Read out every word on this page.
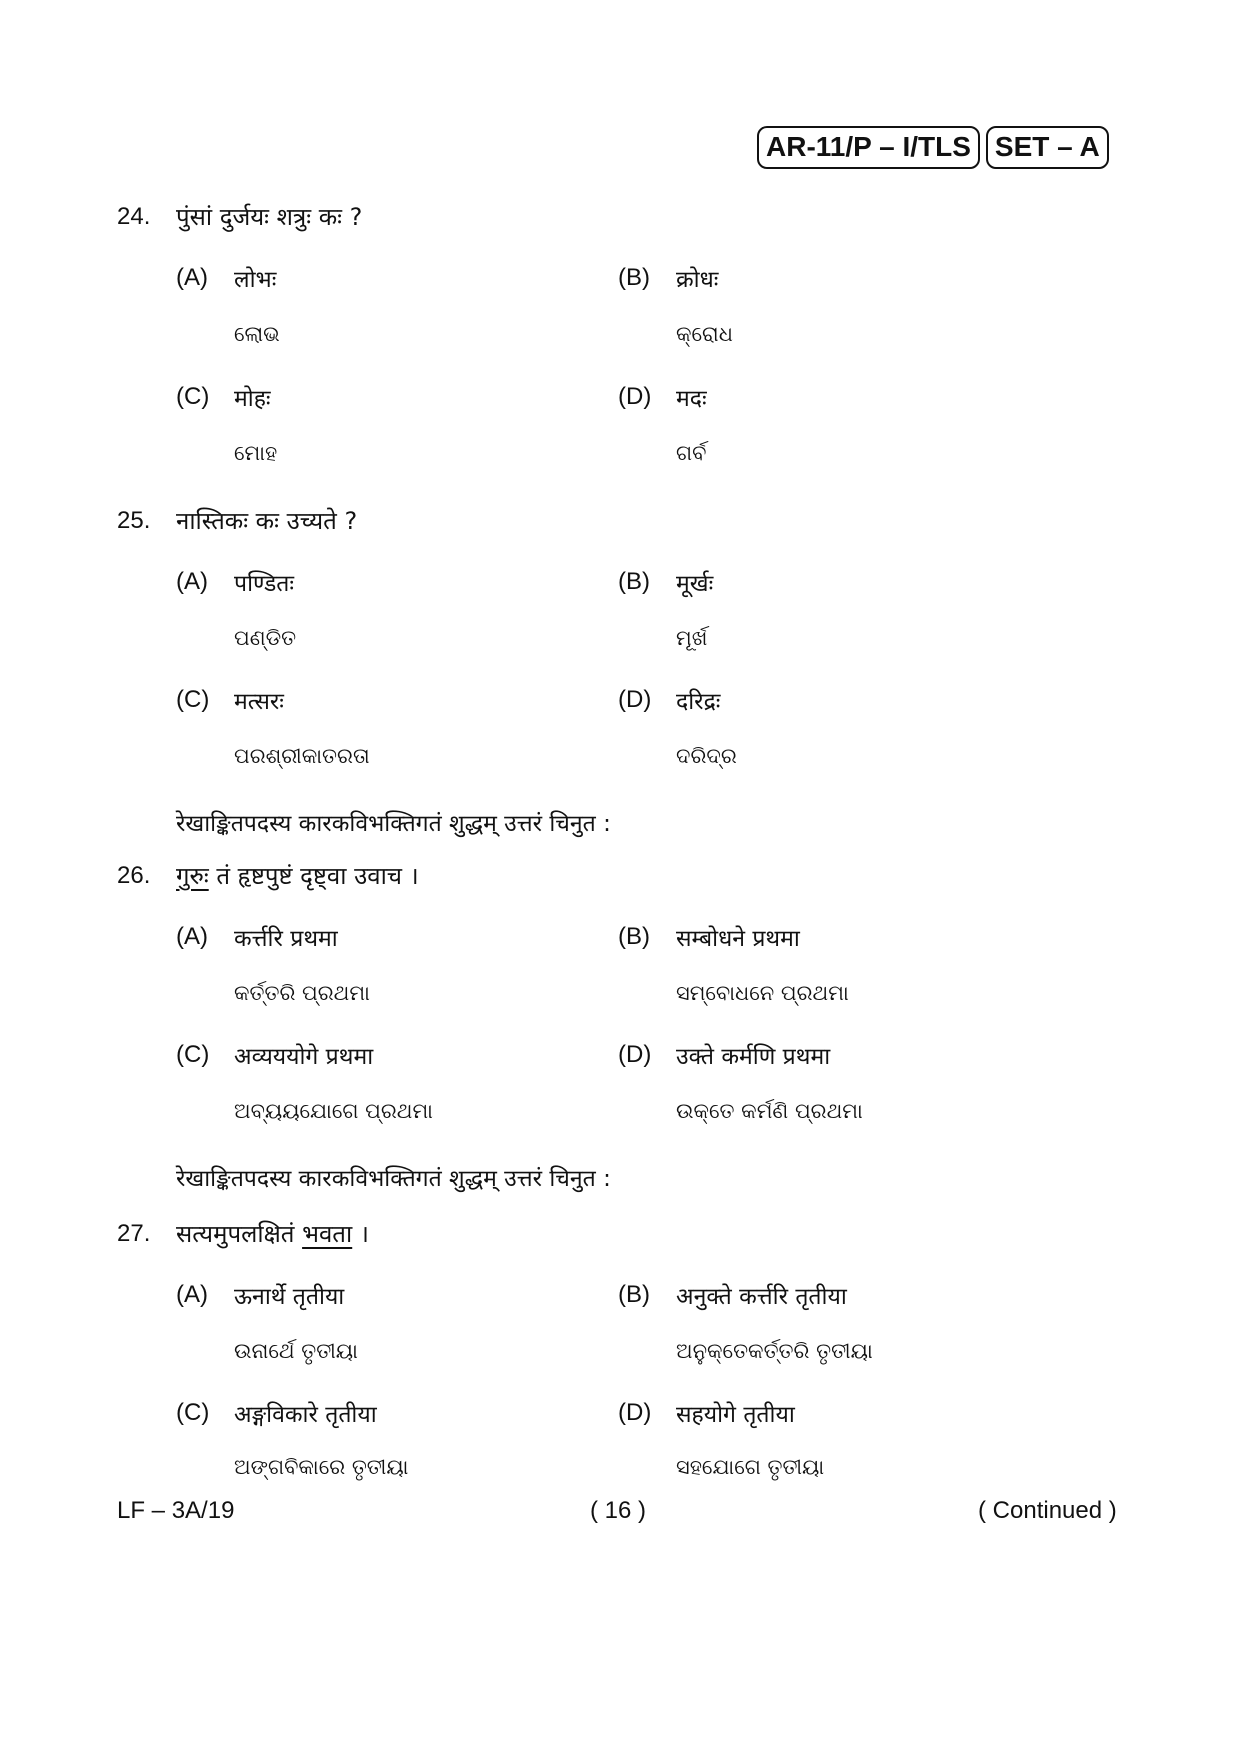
AR-11/P – I/TLS SET – A
24. पुंसां दुर्जयः शत्रुः कः ?
(A) लोभः
ଲୋଭ
(B) क्रोधः
କ୍ରୋଧ
(C) मोहः
ମୋହ
(D) मदः
ଗର୍ବ
25. नास्तिकः कः उच्यते ?
(A) पण्डितः
ପଣ୍ଡିତ
(B) मूर्खः
ମୂର୍ଖ
(C) मत्सरः
ପରଶ୍ରୀକାତରତା
(D) दरिद्रः
ଦରିଦ୍ର
रेखाङ्कितपदस्य कारकविभक्तिगतं शुद्धम् उत्तरं चिनुत :
26. गुरुः तं हृष्टपुष्टं दृष्ट्वा उवाच ।
(A) कर्त्तरि प्रथमा
କର୍ତ୍ତରି ପ୍ରଥମା
(B) सम्बोधने प्रथमा
ସମ୍ବୋଧନେ ପ୍ରଥମା
(C) अव्यययोगे प्रथमा
ଅବ୍ୟୟଯୋଗେ ପ୍ରଥମା
(D) उक्ते कर्मणि प्रथमा
ଉକ୍ତେ କର୍ମଣି ପ୍ରଥମା
रेखाङ्कितपदस्य कारकविभक्तिगतं शुद्धम् उत्तरं चिनुत :
27. सत्यमुपलक्षितं भवता ।
(A) ऊनार्थे तृतीया
ଉନାର୍ଥେ ତୃତୀୟା
(B) अनुक्ते कर्त्तरि तृतीया
ଅନୁକ୍ତେକର୍ତ୍ତରି ତୃତୀୟା
(C) अङ्गविकारे तृतीया
ଅଙ୍ଗବିକାରେ ତୃତୀୟା
(D) सहयोगे तृतीया
ସହଯୋଗେ ତୃତୀୟା
LF – 3A/19	( 16 )	( Continued )
